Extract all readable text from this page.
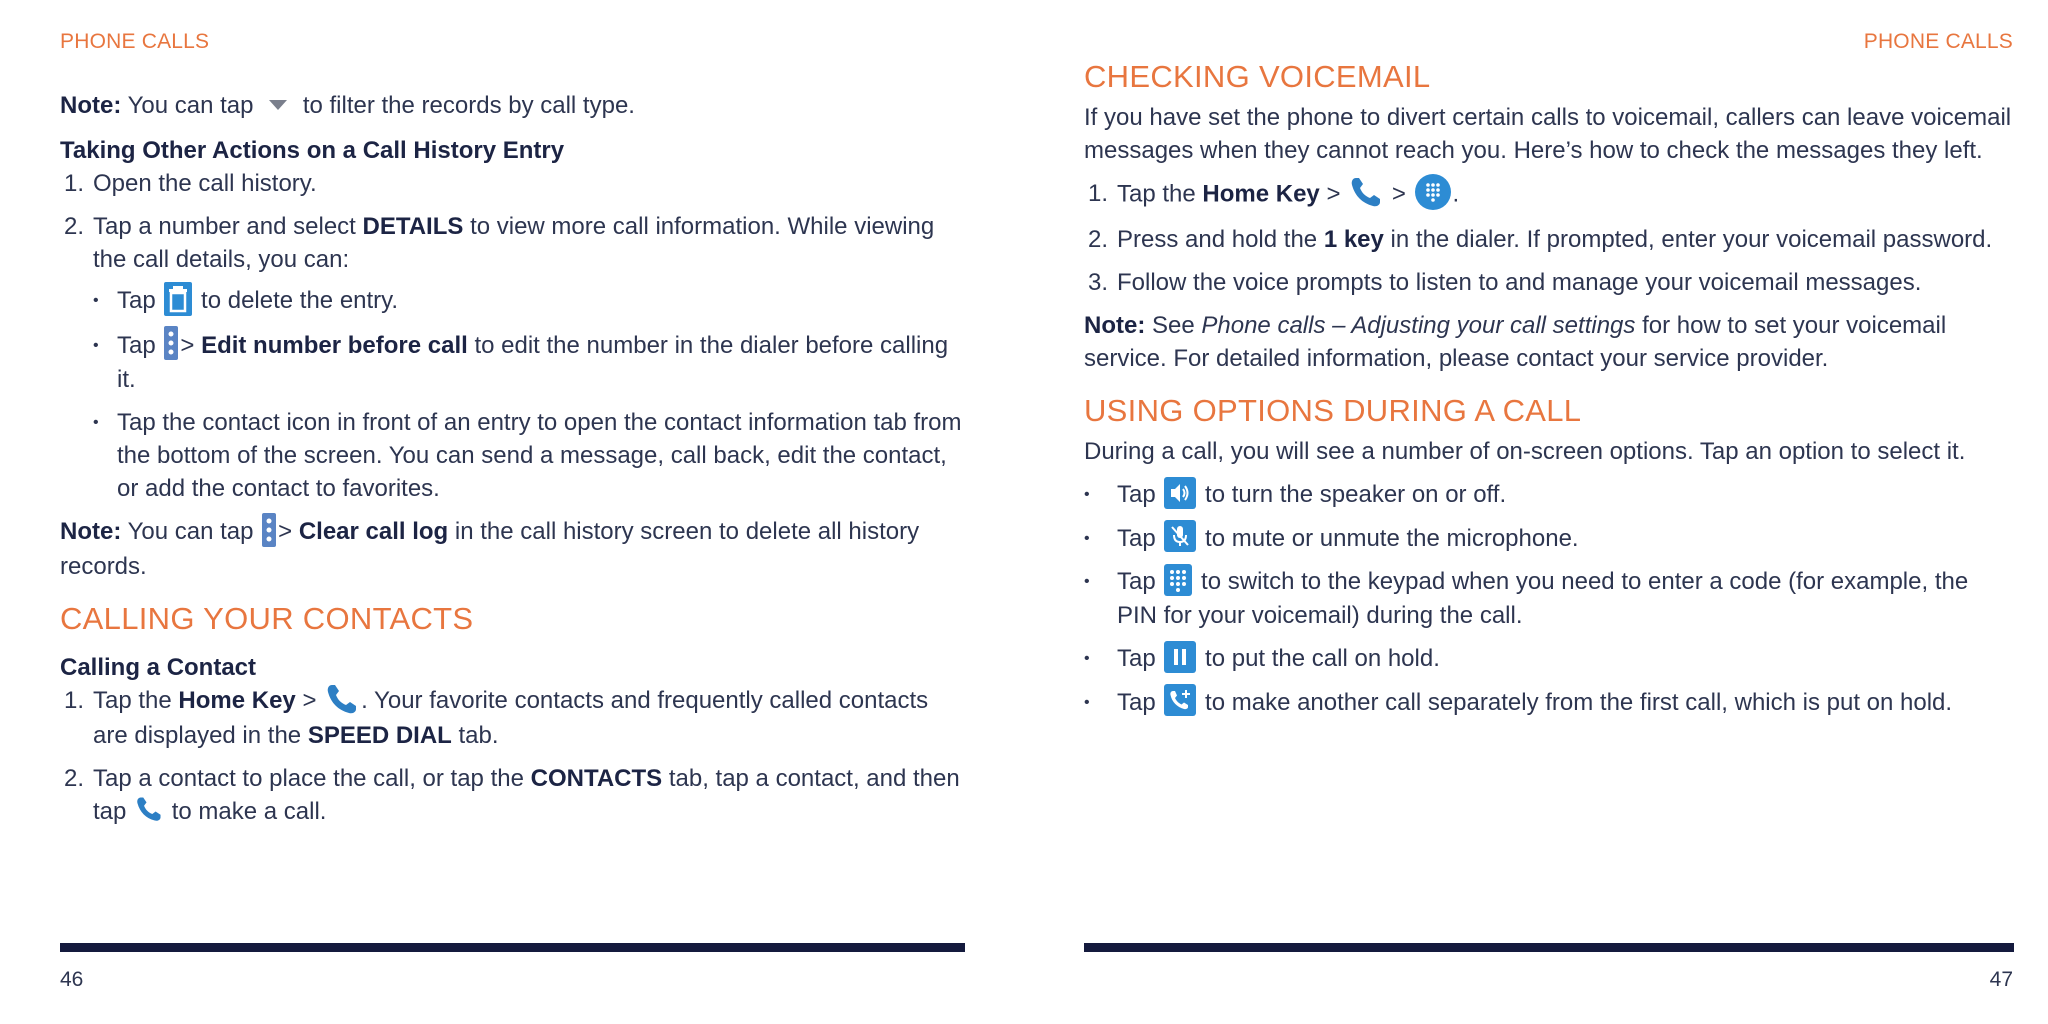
PHONE CALLS

Note: You can tap to filter the records by call type.

Taking Other Actions on a Call History Entry
1. Open the call history.
2. Tap a number and select DETAILS to view more call information. While viewing the call details, you can:
• Tap to delete the entry.
• Tap > Edit number before call to edit the number in the dialer before calling it.
• Tap the contact icon in front of an entry to open the contact information tab from the bottom of the screen. You can send a message, call back, edit the contact, or add the contact to favorites.

Note: You can tap > Clear call log in the call history screen to delete all history records.

CALLING YOUR CONTACTS
Calling a Contact
1. Tap the Home Key > . Your favorite contacts and frequently called contacts are displayed in the SPEED DIAL tab.
2. Tap a contact to place the call, or tap the CONTACTS tab, tap a contact, and then tap to make a call.
46
PHONE CALLS
CHECKING VOICEMAIL

If you have set the phone to divert certain calls to voicemail, callers can leave voicemail messages when they cannot reach you. Here’s how to check the messages they left.

1. Tap the Home Key > > .
2. Press and hold the 1 key in the dialer. If prompted, enter your voicemail password.
3. Follow the voice prompts to listen to and manage your voicemail messages.

Note: See Phone calls – Adjusting your call settings for how to set your voicemail service. For detailed information, please contact your service provider.

USING OPTIONS DURING A CALL

During a call, you will see a number of on-screen options. Tap an option to select it.

• Tap to turn the speaker on or off.
• Tap to mute or unmute the microphone.
• Tap to switch to the keypad when you need to enter a code (for example, the PIN for your voicemail) during the call.
• Tap to put the call on hold.
• Tap to make another call separately from the first call, which is put on hold.
47
